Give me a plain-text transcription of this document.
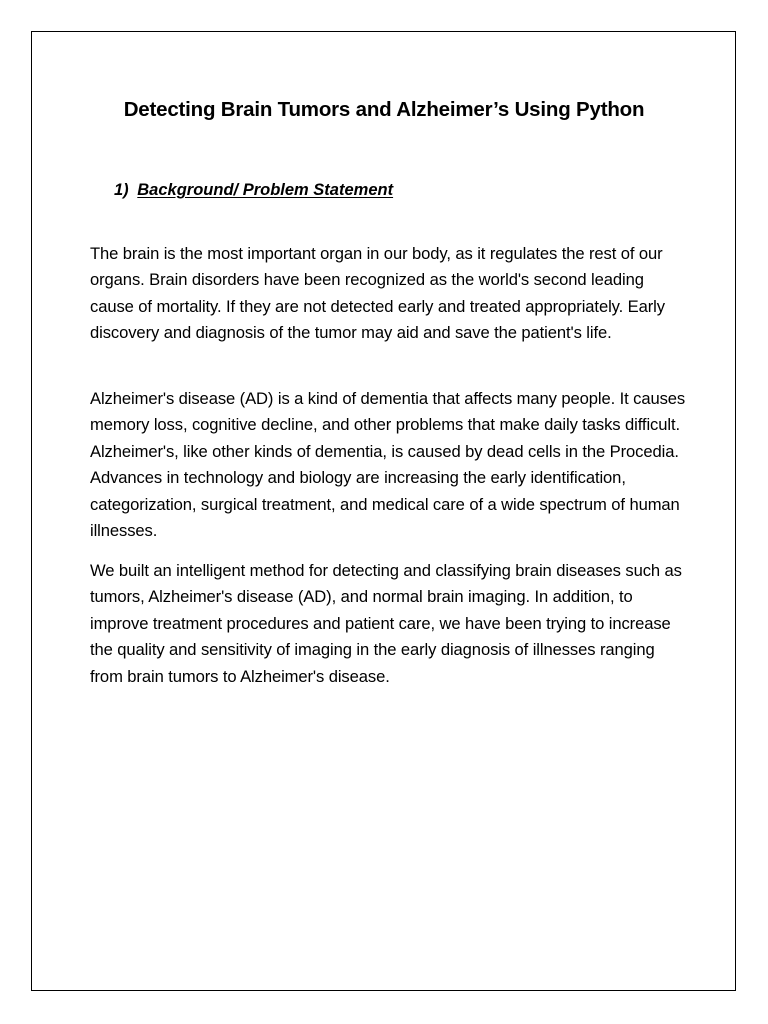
Detecting Brain Tumors and Alzheimer’s Using Python
1) Background/ Problem Statement

The brain is the most important organ in our body, as it regulates the rest of our organs. Brain disorders have been recognized as the world's second leading cause of mortality. If they are not detected early and treated appropriately. Early discovery and diagnosis of the tumor may aid and save the patient's life.

Alzheimer's disease (AD) is a kind of dementia that affects many people. It causes memory loss, cognitive decline, and other problems that make daily tasks difficult. Alzheimer's, like other kinds of dementia, is caused by dead cells in the Procedia. Advances in technology and biology are increasing the early identification, categorization, surgical treatment, and medical care of a wide spectrum of human illnesses.

We built an intelligent method for detecting and classifying brain diseases such as tumors, Alzheimer's disease (AD), and normal brain imaging. In addition, to improve treatment procedures and patient care, we have been trying to increase the quality and sensitivity of imaging in the early diagnosis of illnesses ranging from brain tumors to Alzheimer's disease.
